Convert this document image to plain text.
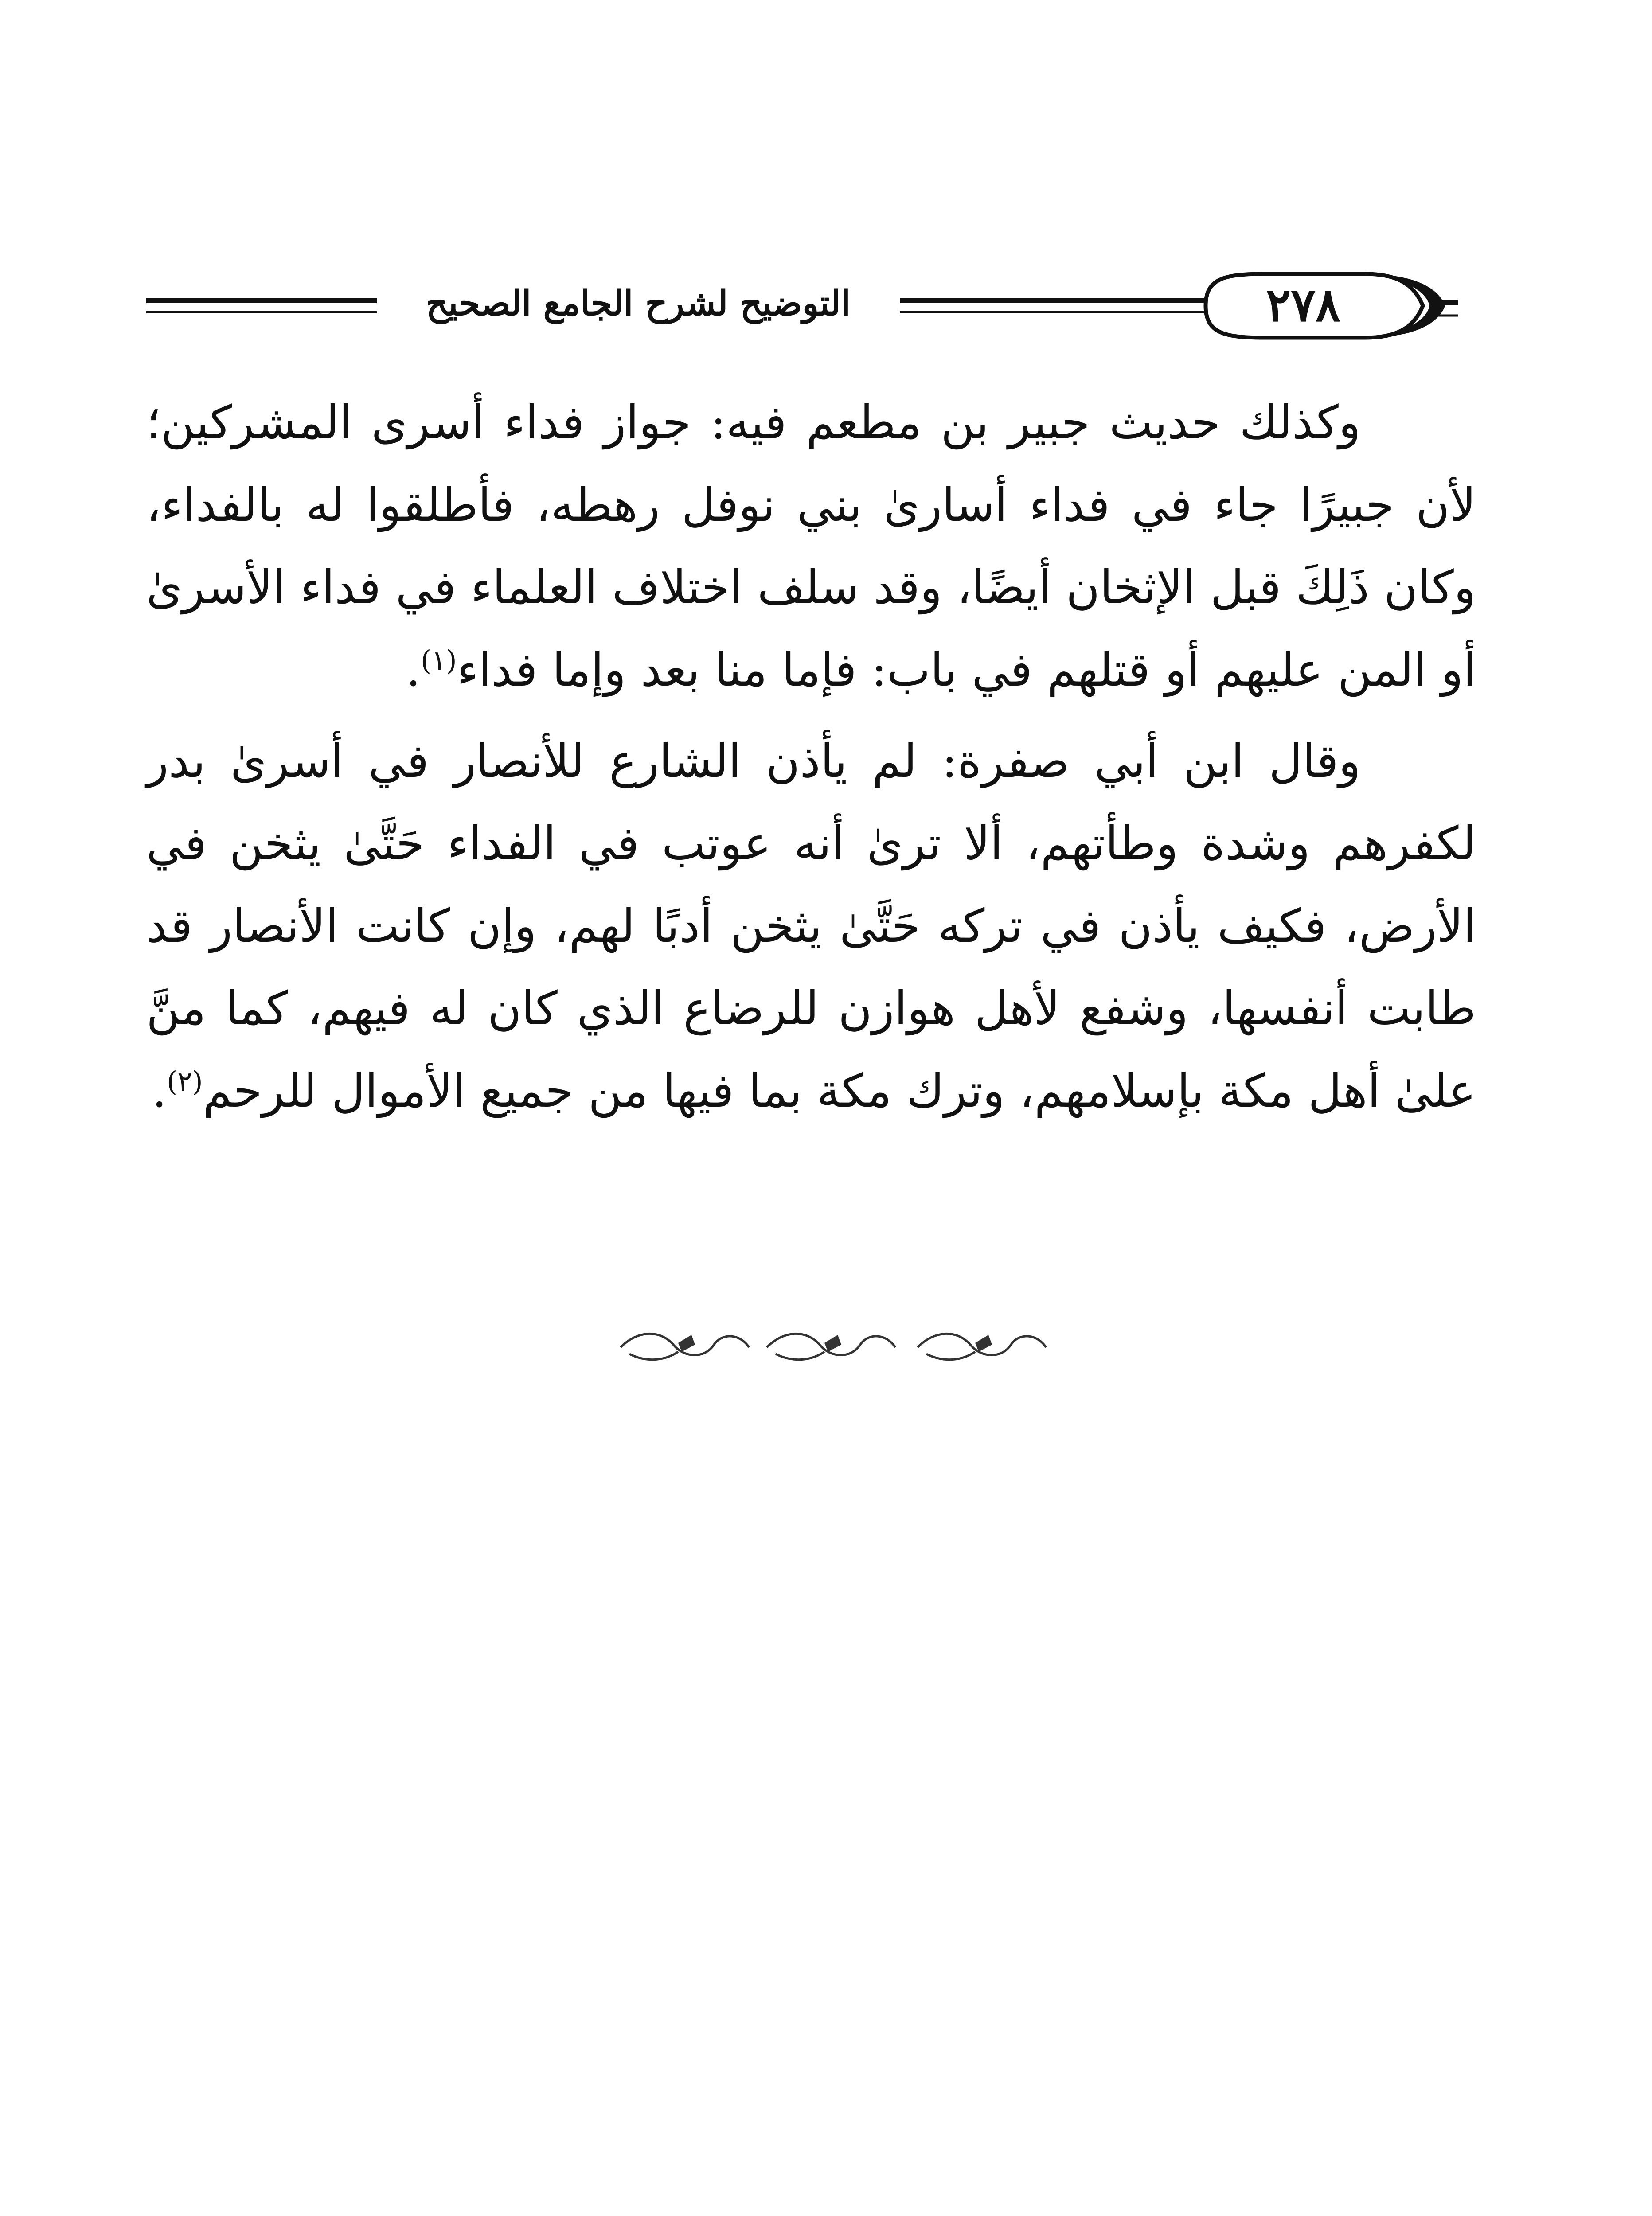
التوضيح لشرح الجامع الصحيح	٢٧٨

وكذلك حديث جبير بن مطعم فيه: جواز فداء أسرى المشركين؛ لأن جبيرًا جاء في فداء أسارىٰ بني نوفل رهطه، فأطلقوا له بالفداء، وكان ذَلِكَ قبل الإثخان أيضًا، وقد سلف اختلاف العلماء في فداء الأسرىٰ أو المن عليهم أو قتلهم في باب: فإما منا بعد وإما فداء$^{(١)}$.

وقال ابن أبي صفرة: لم يأذن الشارع للأنصار في أسرىٰ بدر لكفرهم وشدة وطأتهم، ألا ترىٰ أنه عوتب في الفداء حَتَّىٰ يثخن في الأرض، فكيف يأذن في تركه حَتَّىٰ يثخن أدبًا لهم، وإن كانت الأنصار قد طابت أنفسها، وشفع لأهل هوازن للرضاع الذي كان له فيهم، كما منَّ علىٰ أهل مكة بإسلامهم، وترك مكة بما فيها من جميع الأموال للرحم$^{(٢)}$.
